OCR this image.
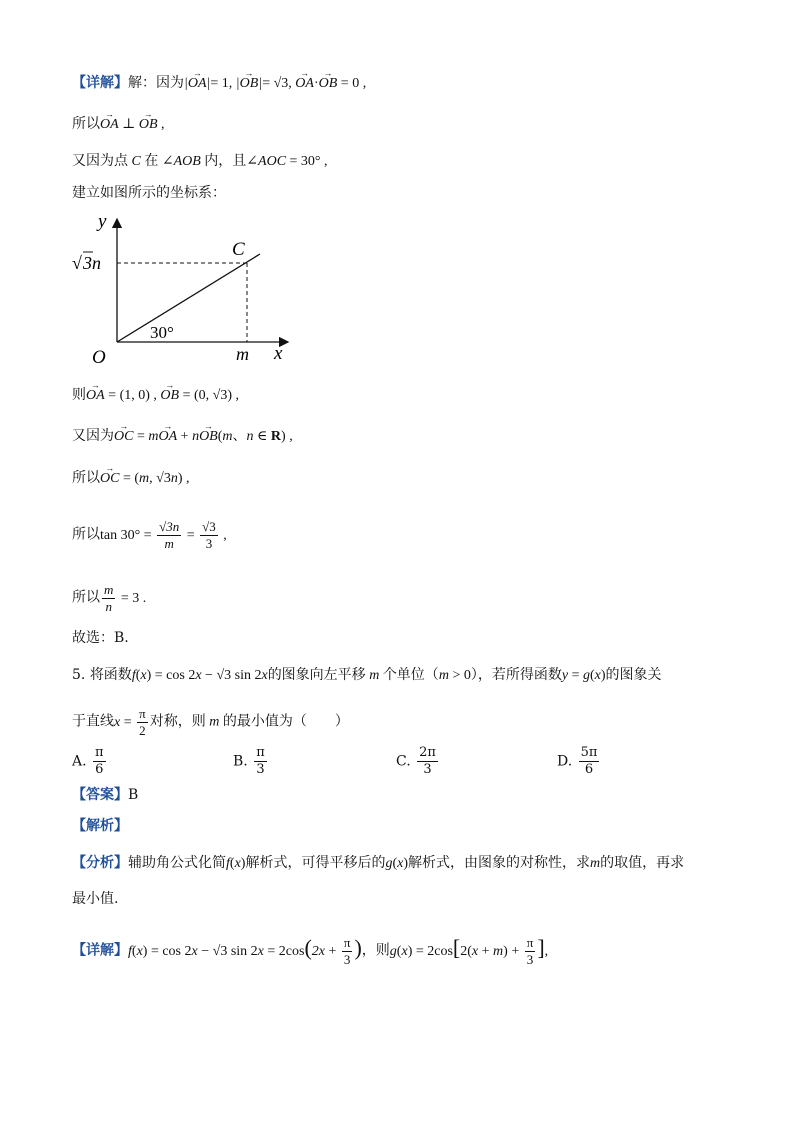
【详解】解：因为|→ OA|= 1, |→ OB|= √3, → OA·→ OB = 0 ,
所以→ OA ⊥ → OB ,
又因为点 C 在 ∠AOB 内，且∠AOC = 30° ,
建立如图所示的坐标系：
y
x
O
C
30°
m
√ 3n
则→ OA = (1, 0) , → OB = (0, √3) ,
又因为→ OC = m→ OA + n→ OB(m、n ∈ R) ,
所以→ OC = (m, √3n) ,
所以$\tan 30^\circ = \frac{√3n}{m} = \frac{√3}{3}$ ,
所以 $\frac{m}{n} = 3$ .
故选：B.
5. 将函数f(x) = cos 2x − √3 sin 2x的图象向左平移 m 个单位（m > 0），若所得函数y = g(x)的图象关
于直线$x = \frac{\pi}{2}$ 对称，则 m 的最小值为（　　）
A. $\frac{\pi}{6}$	B. $\frac{\pi}{3}$	C. $\frac{2\pi}{3}$	D. $\frac{5\pi}{6}$
【答案】B
【解析】
【分析】辅助角公式化简f(x)解析式，可得平移后的g(x)解析式，由图象的对称性，求m的取值，再求
最小值.
【详解】f(x) = cos 2x − √3 $\sin 2x = 2\cos(2x + \frac{\pi}{3}$ )，则$g(x) = 2\cos[2(x + m) + \frac{\pi}{3}$ ],
